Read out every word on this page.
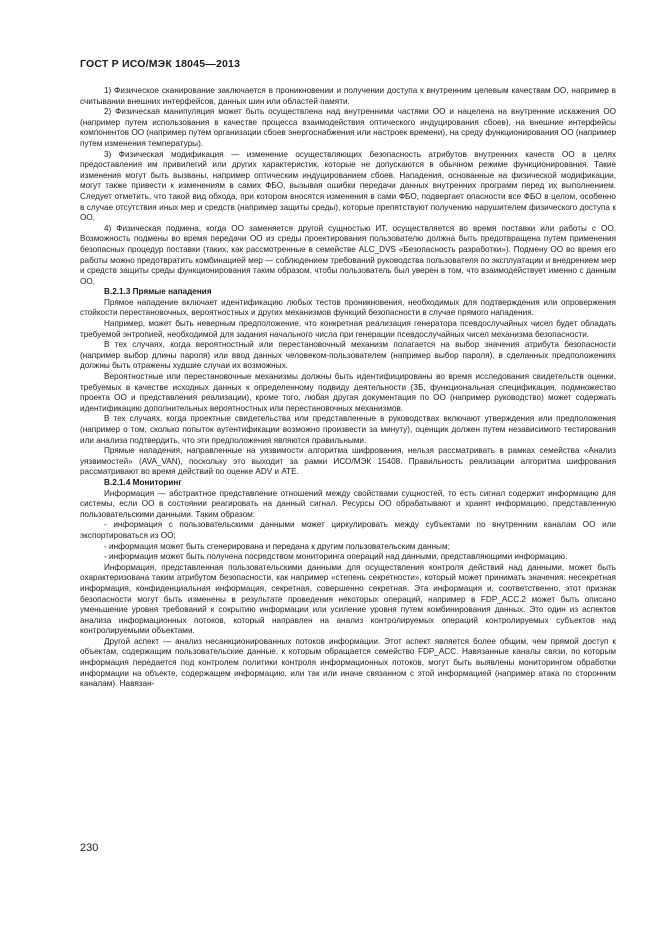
ГОСТ Р ИСО/МЭК 18045—2013

1) Физическое сканирование заключается в проникновении и получении доступа к внутренним целевым качествам ОО, например в считывании внешних интерфейсов, данных шин или областей памяти.

2) Физическая манипуляция может быть осуществлена над внутренними частями ОО и нацелена на внутренние искажения ОО (например путем использования в качестве процесса взаимодействия оптического индуцирования сбоев), на внешние интерфейсы компонентов ОО (например путем организации сбоев энергоснабжения или настроек времени), на среду функционирования ОО (например путем изменения температуры).

3) Физическая модификация — изменение осуществляющих безопасность атрибутов внутренних качеств ОО в целях предоставления им привилегий или других характеристик, которые не допускаются в обычном режиме функционирования. Такие изменения могут быть вызваны, например оптическим индуцированием сбоев. Нападения, основанные на физической модификации, могут также привести к изменениям в самих ФБО, вызывая ошибки передачи данных внутренних программ перед их выполнением. Следует отметить, что такой вид обхода, при котором вносятся изменения в сами ФБО, подвергает опасности все ФБО в целом, особенно в случае отсутствия иных мер и средств (например защиты среды), которые препятствуют получению нарушителем физического доступа к ОО.

4) Физическая подмена, когда ОО заменяется другой сущностью ИТ, осуществляется во время поставки или работы с ОО. Возможность подмены во время передачи ОО из среды проектирования пользователю должна быть предотвращена путем применения безопасных процедур поставки (таких, как рассмотренные в семействе ALC_DVS «Безопасность разработки»). Подмену ОО во время его работы можно предотвратить комбинацией мер — соблюдением требований руководства пользователя по эксплуатации и внедрением мер и средств защиты среды функционирования таким образом, чтобы пользователь был уверен в том, что взаимодействует именно с данным ОО.

В.2.1.3 Прямые нападения

Прямое нападение включает идентификацию любых тестов проникновения, необходимых для подтверждения или опровержения стойкости перестановочных, вероятностных и других механизмов функций безопасности в случае прямого нападения.

Например, может быть неверным предположение, что конкретная реализация генератора псевдослучайных чисел будет обладать требуемой энтропией, необходимой для задания начального числа при генерации псевдослучайных чисел механизма безопасности.

В тех случаях, когда вероятностный или перестановочный механизм полагается на выбор значения атрибута безопасности (например выбор длины пароля) или ввод данных человеком-пользователем (например выбор пароля), в сделанных предположениях должны быть отражены худшие случаи их возможных.

Вероятностные или перестановочные механизмы должны быть идентифицированы во время исследования свидетельств оценки, требуемых в качестве исходных данных к определенному подвиду деятельности (ЗБ, функциональная спецификация, подмножество проекта ОО и представления реализации), кроме того, любая другая документация по ОО (например руководство) может содержать идентификацию дополнительных вероятностных или перестановочных механизмов.

В тех случаях, когда проектные свидетельства или представленные в руководствах включают утверждения или предположения (например о том, сколько попыток аутентификации возможно произвести за минуту), оценщик должен путем независимого тестирования или анализа подтвердить, что эти предположения являются правильными.

Прямые нападения, направленные на уязвимости алгоритма шифрования, нельзя рассматривать в рамках семейства «Анализ уязвимостей» (AVA_VAN), поскольку это выходит за рамки ИСО/МЭК 15408. Правильность реализации алгоритма шифрования рассматривают во время действий по оценке ADV и ATE.

В.2.1.4 Мониторинг

Информация — абстрактное представление отношений между свойствами сущностей, то есть сигнал содержит информацию для системы, если ОО в состоянии реагировать на данный сигнал. Ресурсы ОО обрабатывают и хранят информацию, представленную пользовательскими данными. Таким образом:

- информация с пользовательскими данными может циркулировать между субъектами по внутренним каналам ОО или экспортироваться из ОО;

- информация может быть сгенерирована и передана к другим пользовательским данным;

- информация может быть получена посредством мониторинга операций над данными, представляющими информацию.

Информация, представленная пользовательскими данными для осуществления контроля действий над данными, может быть охарактеризована таким атрибутом безопасности, как например «степень секретности», который может принимать значения: несекретная информация, конфиденциальная информация, секретная, совершенно секретная. Эта информация и, соответственно, этот признак безопасности могут быть изменены в результате проведения некоторых операций, например в FDP_ACC.2 может быть описано уменьшение уровня требований к сокрытию информации или усиление уровня путем комбинирования данных. Это один из аспектов анализа информационных потоков, который направлен на анализ контролируемых операций контролируемых субъектов над контролируемыми объектами.

Другой аспект — анализ несанкционированных потоков информации. Этот аспект является более общим, чем прямой доступ к объектам, содержащим пользовательские данные, к которым обращается семейство FDP_ACC. Навязанные каналы связи, по которым информация передается под контролем политики контроля информационных потоков, могут быть выявлены мониторингом обработки информации на объекте, содержащем информацию, или так или иначе связанном с этой информацией (например атака по сторонним каналам). Навязан-

230
